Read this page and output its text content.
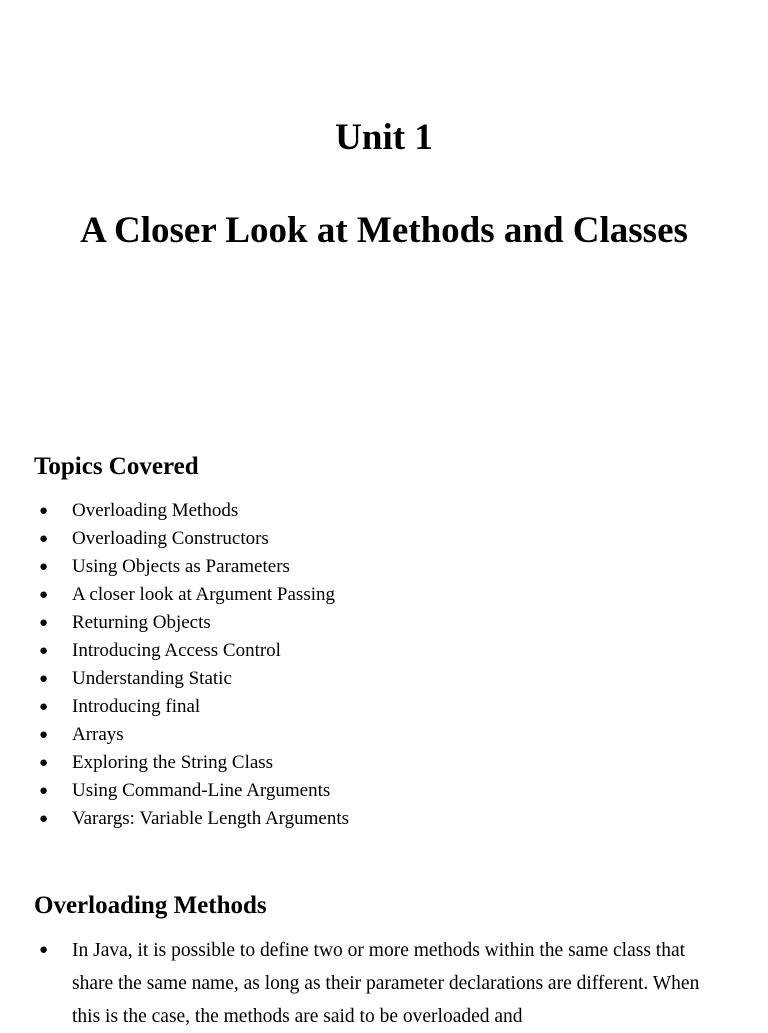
Unit 1
A Closer Look at Methods and Classes
Topics Covered
● Overloading Methods
● Overloading Constructors
● Using Objects as Parameters
● A closer look at Argument Passing
● Returning Objects
● Introducing Access Control
● Understanding Static
● Introducing final
● Arrays
● Exploring the String Class
● Using Command-Line Arguments
● Varargs: Variable Length Arguments
Overloading Methods
● In Java, it is possible to define two or more methods within the same class that share the same name, as long as their parameter declarations are different. When this is the case, the methods are said to be overloaded and
